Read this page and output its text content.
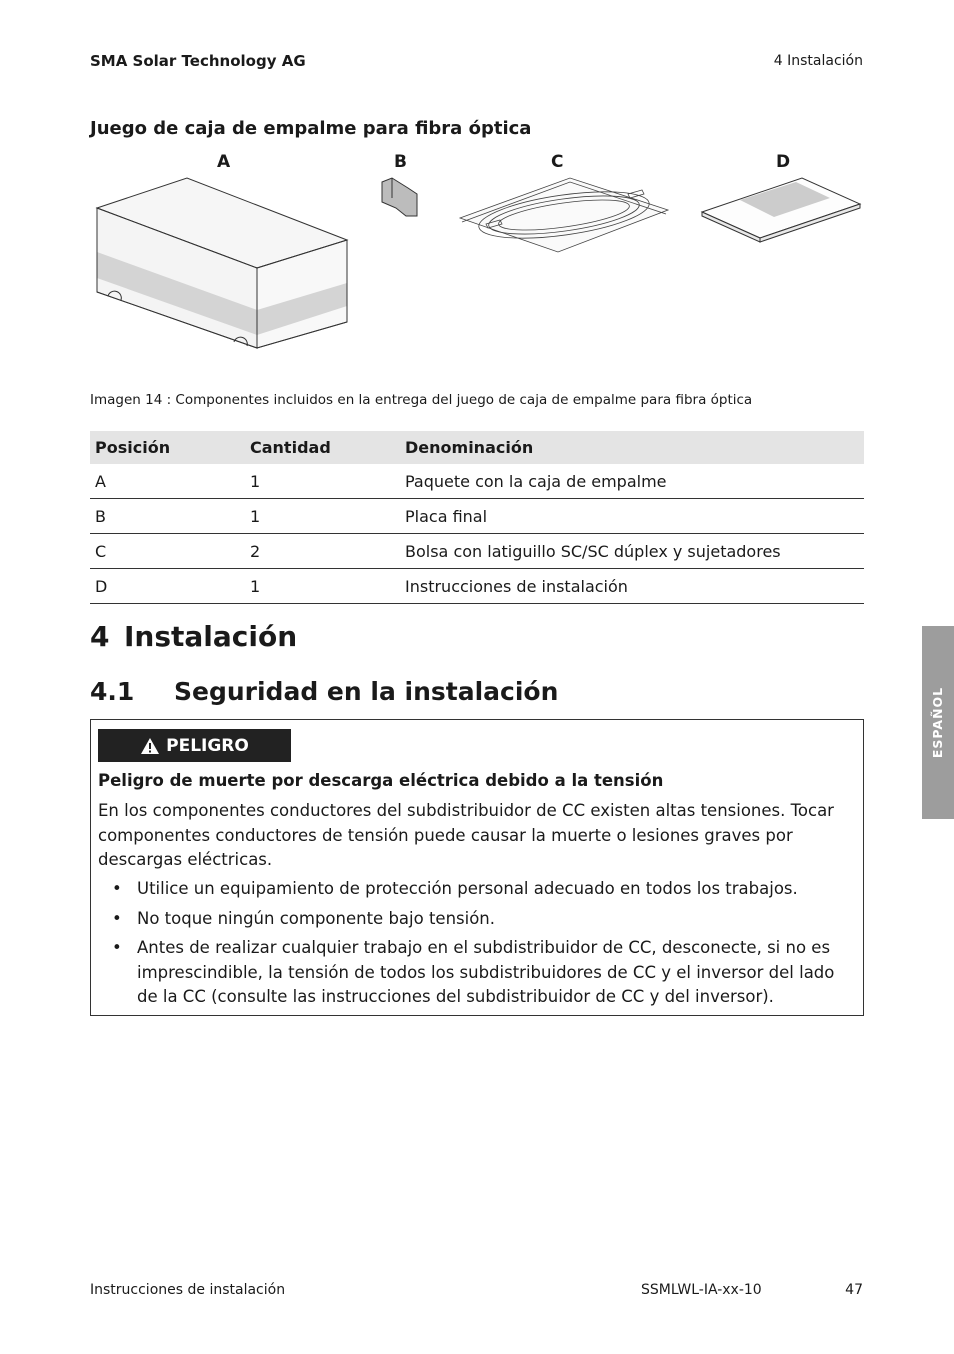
SMA Solar Technology AG	4 Instalación
Juego de caja de empalme para fibra óptica
A	B	C	D
Imagen 14 : Componentes incluidos en la entrega del juego de caja de empalme para fibra óptica
Posición	Cantidad	Denominación
A	1	Paquete con la caja de empalme
B	1	Placa final
C	2	Bolsa con latiguillo SC/SC dúplex y sujetadores
D	1	Instrucciones de instalación
4 Instalación
4.1 Seguridad en la instalación
PELIGRO
Peligro de muerte por descarga eléctrica debido a la tensión
En los componentes conductores del subdistribuidor de CC existen altas tensiones. Tocar componentes conductores de tensión puede causar la muerte o lesiones graves por descargas eléctricas.
• Utilice un equipamiento de protección personal adecuado en todos los trabajos.
• No toque ningún componente bajo tensión.
• Antes de realizar cualquier trabajo en el subdistribuidor de CC, desconecte, si no es imprescindible, la tensión de todos los subdistribuidores de CC y el inversor del lado de la CC (consulte las instrucciones del subdistribuidor de CC y del inversor).
ESPAÑOL
Instrucciones de instalación	SSMLWL-IA-xx-10	47
